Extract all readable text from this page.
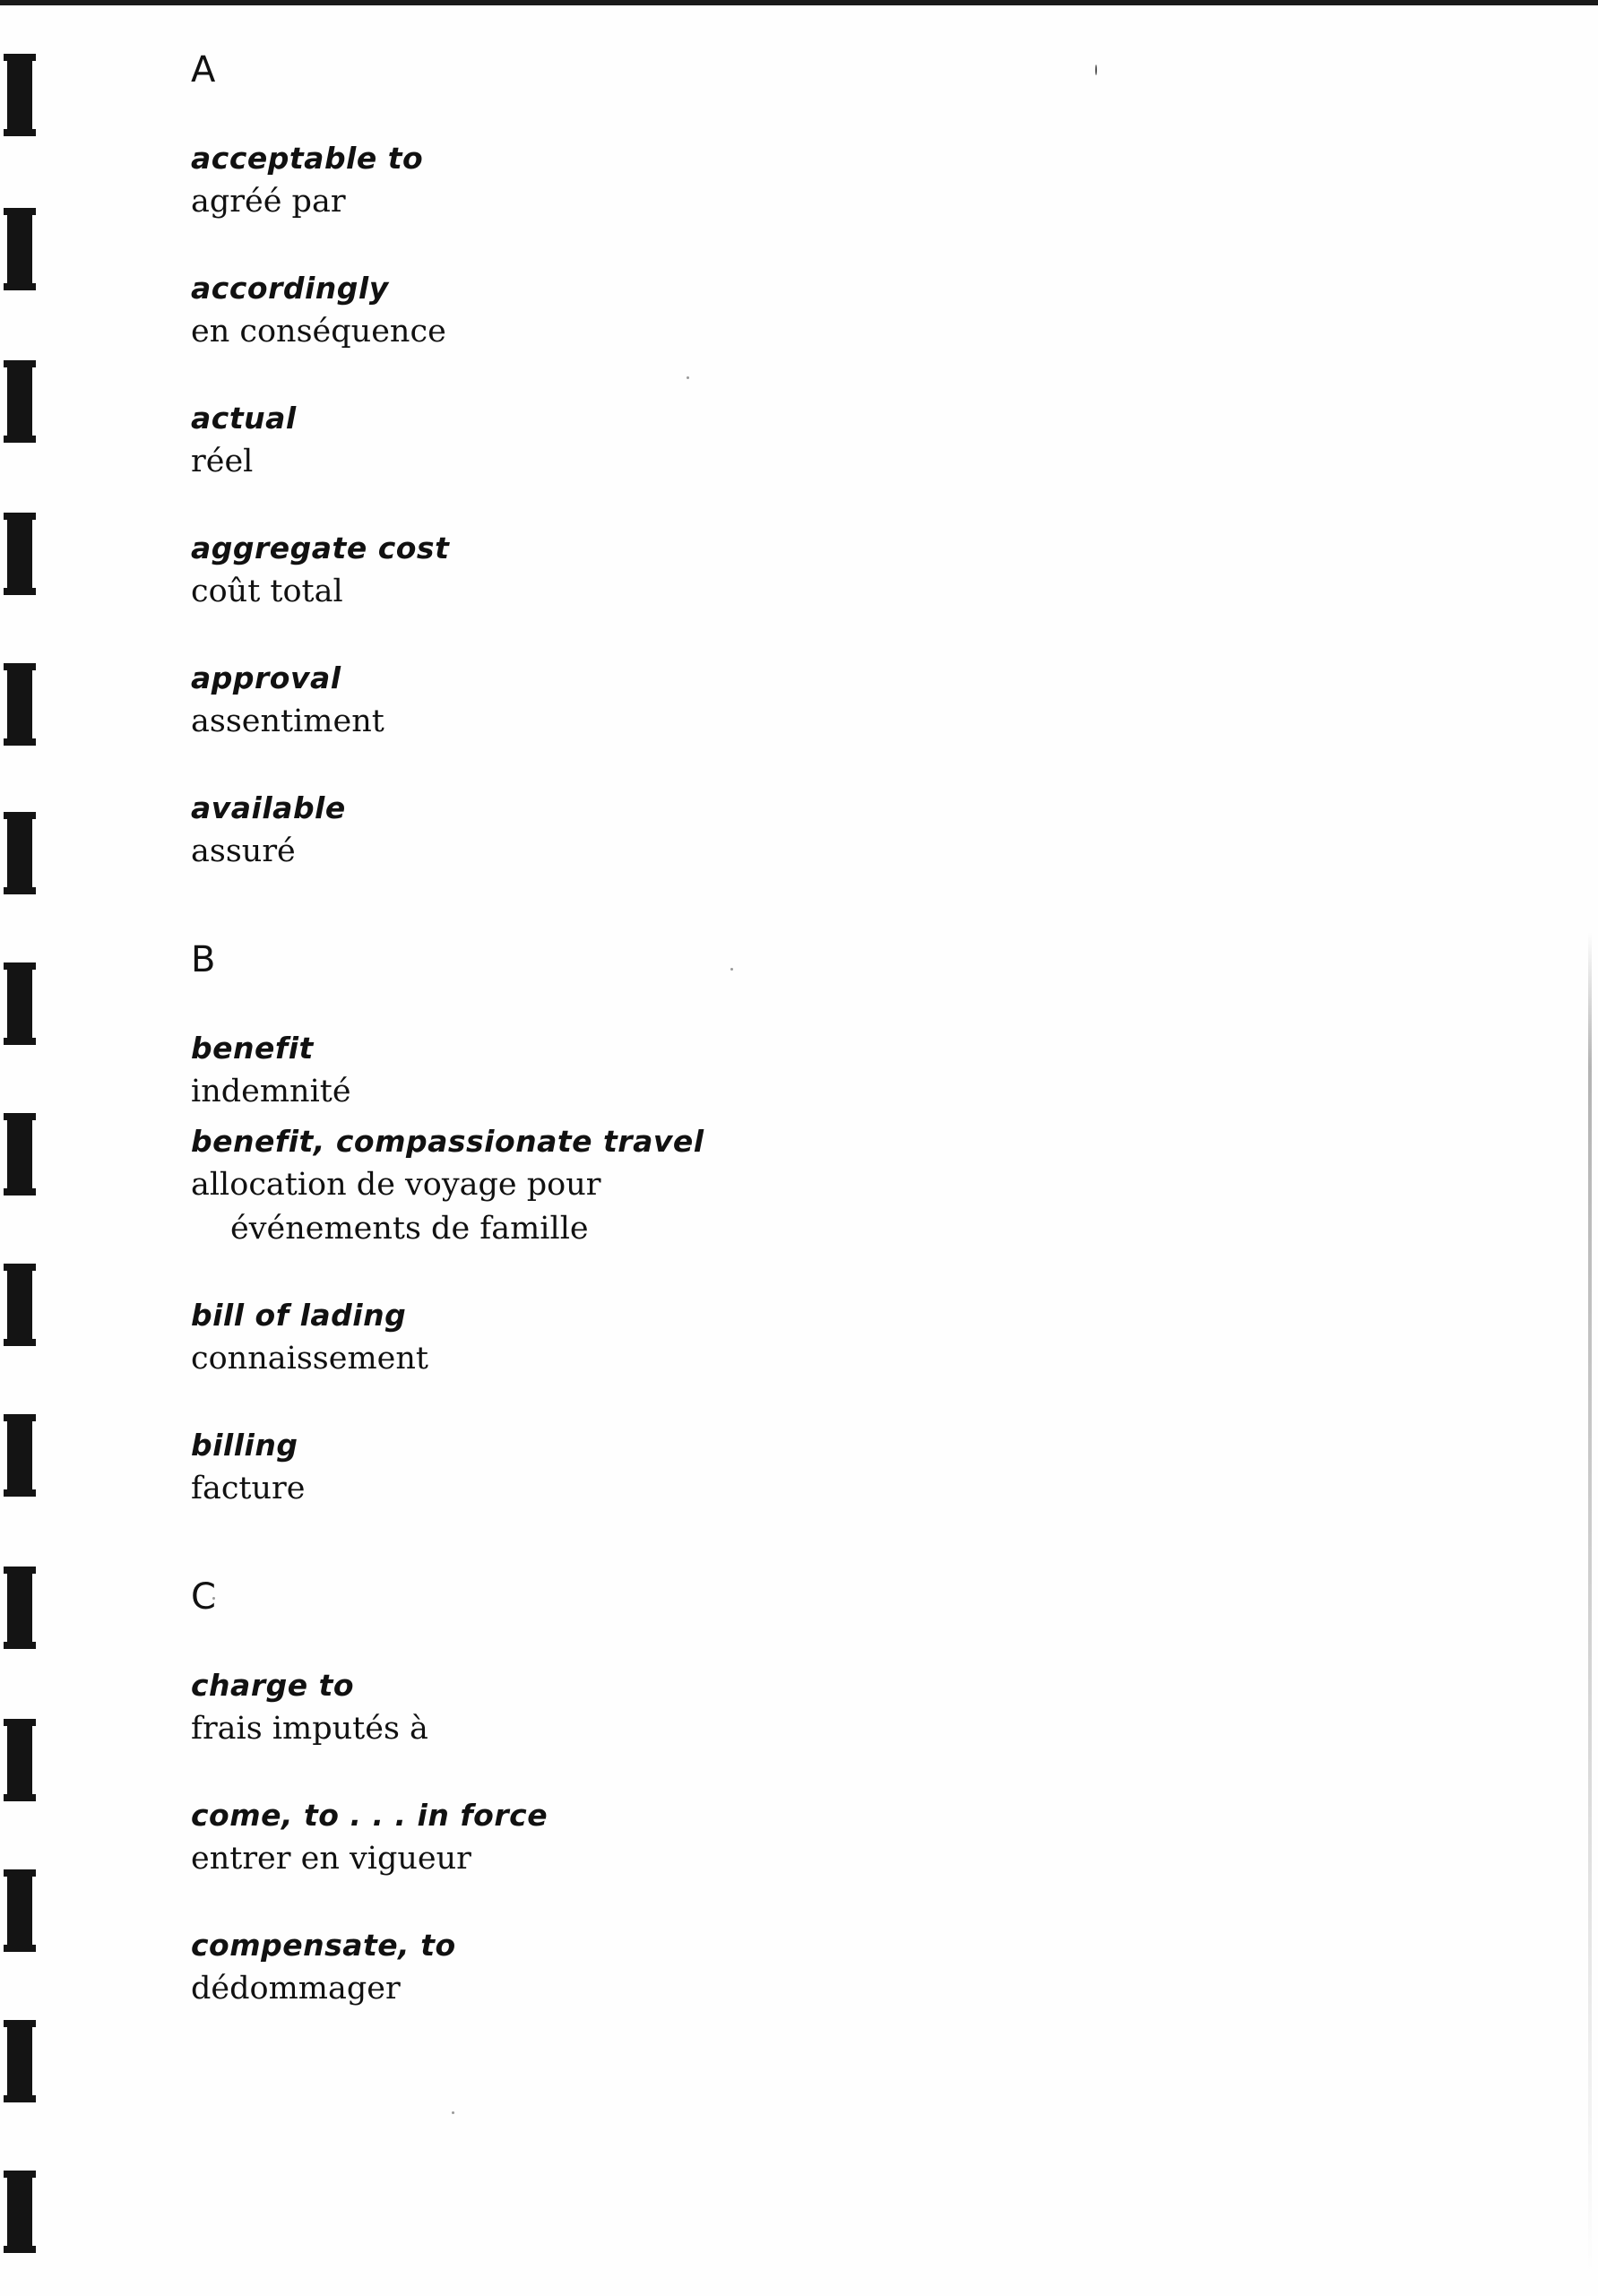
A
acceptable to
agréé par
accordingly
en conséquence
actual
réel
aggregate cost
coût total
approval
assentiment
available
assuré
B
benefit
indemnité
benefit, compassionate travel
allocation de voyage pour
événements de famille
bill of lading
connaissement
billing
facture
C
charge to
frais imputés à
come, to . . . in force
entrer en vigueur
compensate, to
dédommager
